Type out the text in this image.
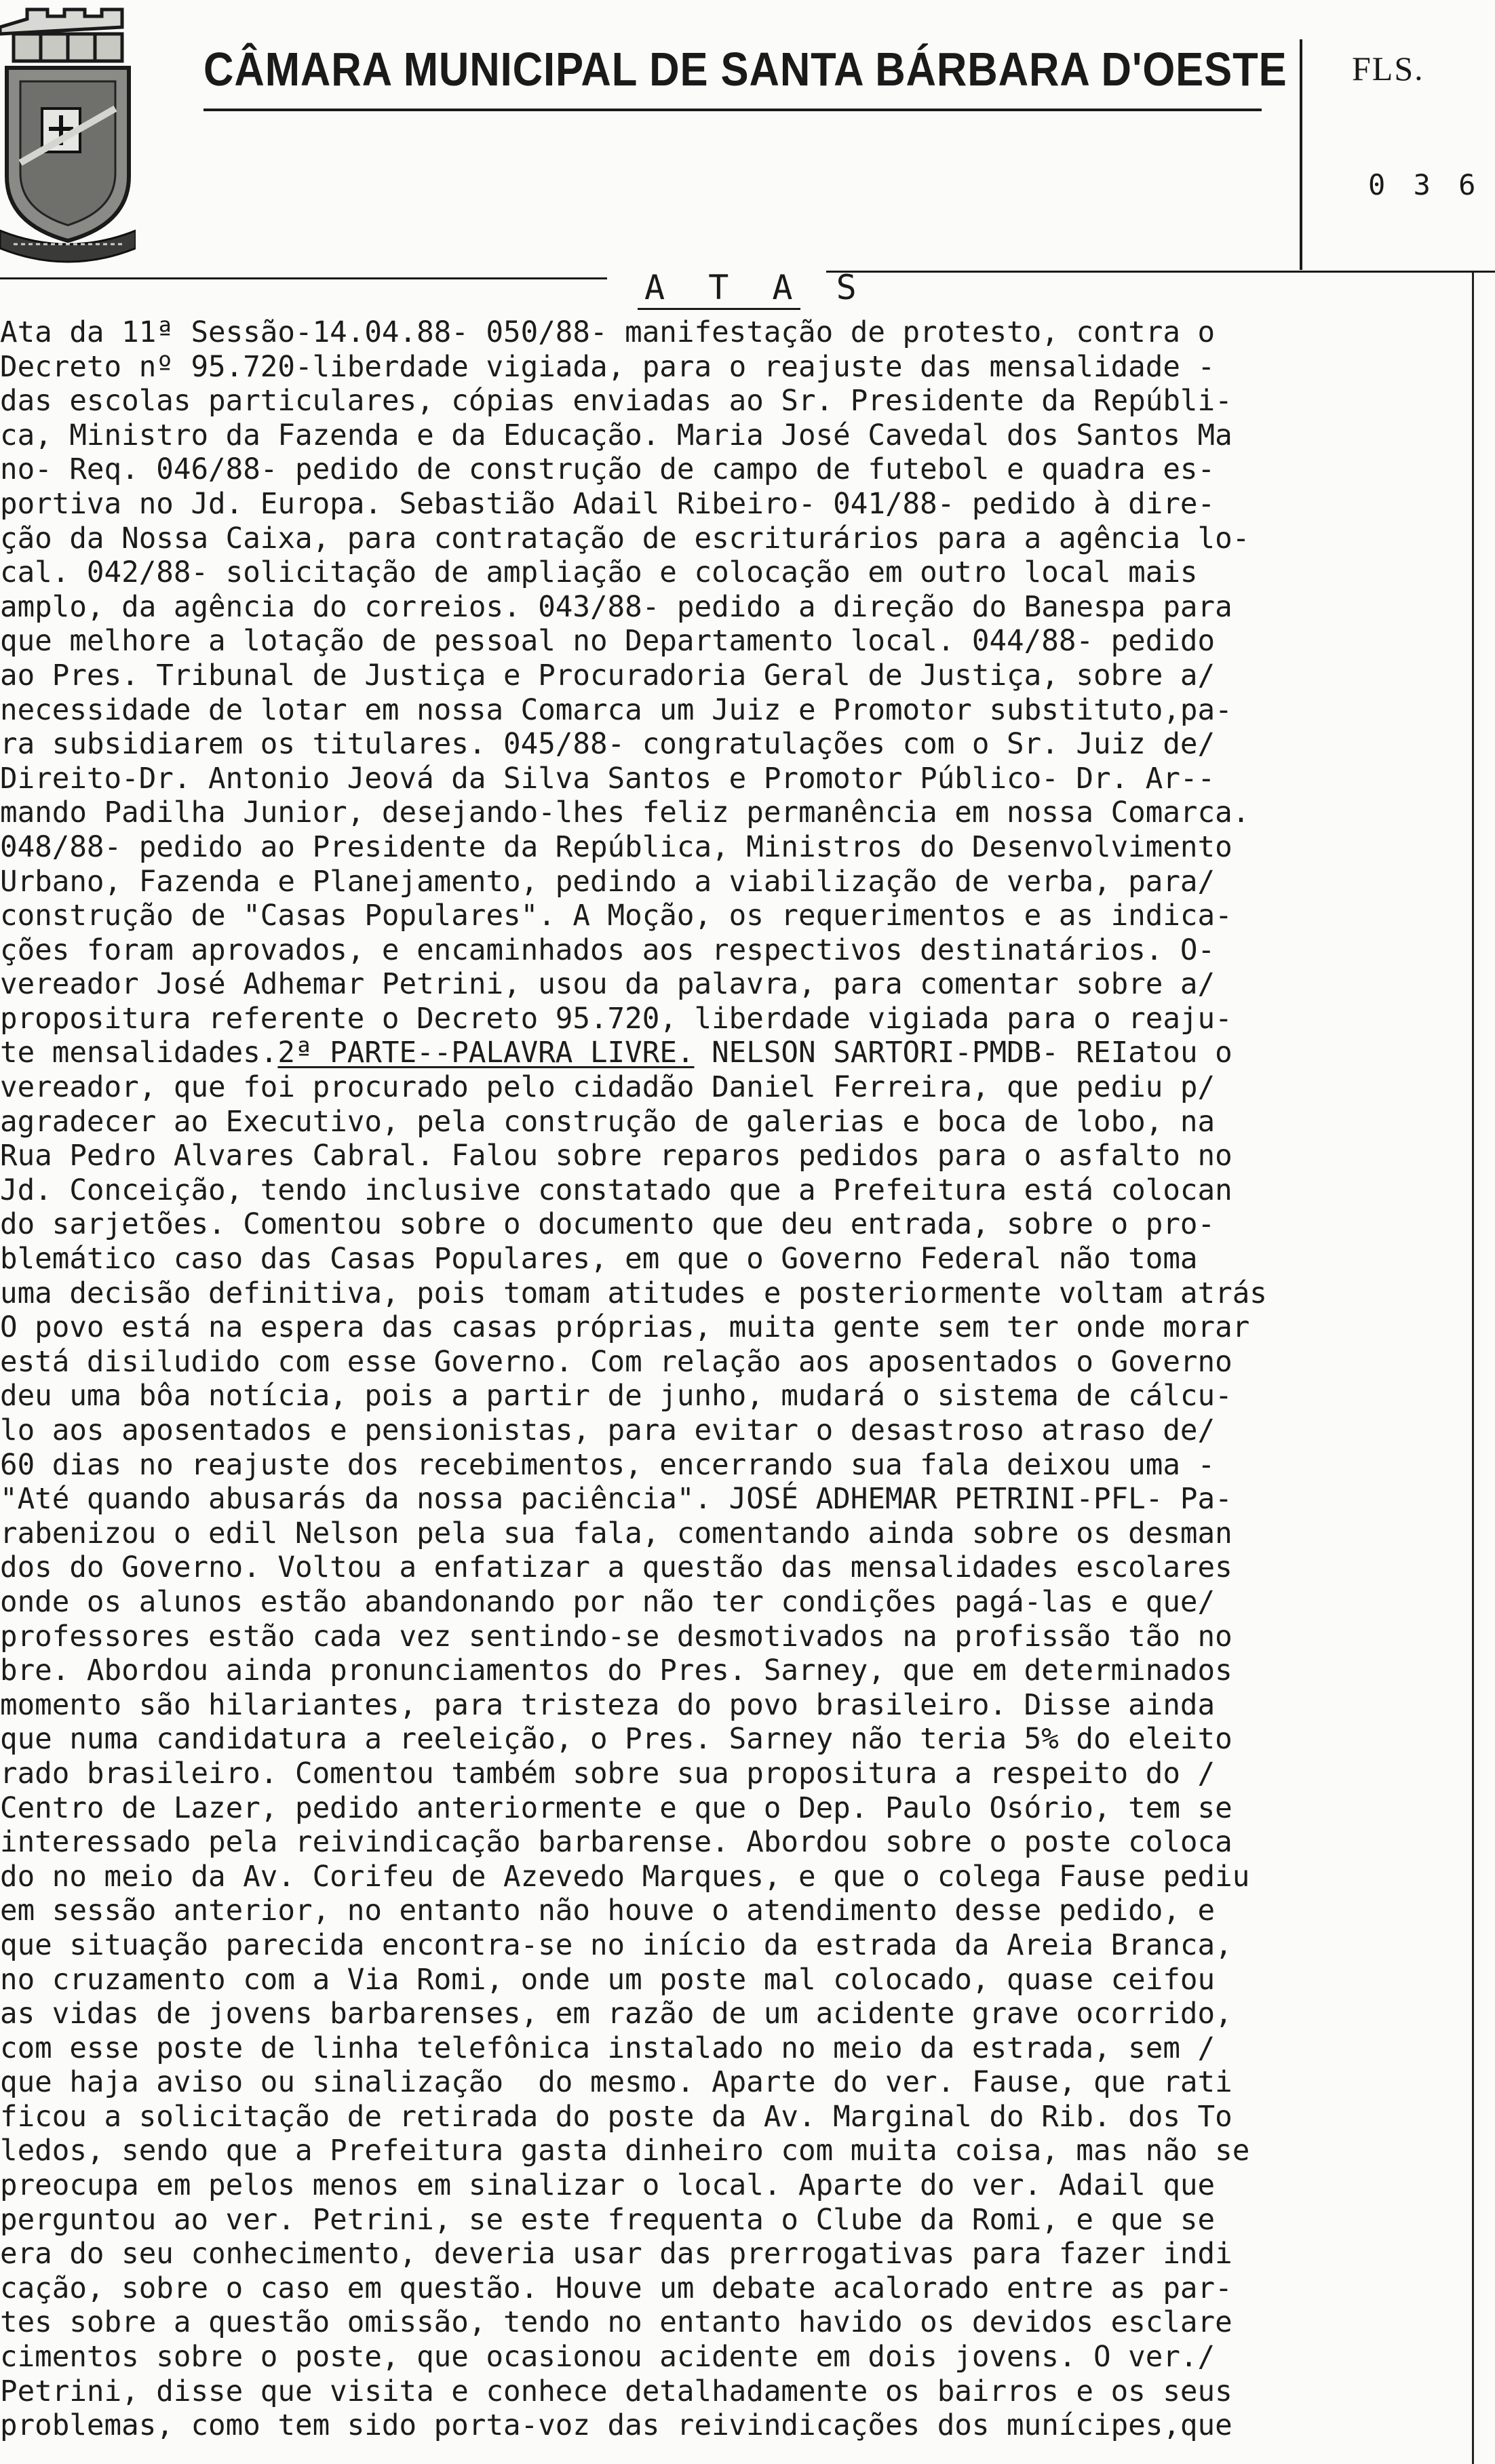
CÂMARA MUNICIPAL DE SANTA BÁRBARA D'OESTE FLS.
0 3 6
A T A S
Ata da 11ª Sessão-14.04.88- 050/88- manifestação de protesto, contra o
Decreto nº 95.720-liberdade vigiada, para o reajuste das mensalidade -
das escolas particulares, cópias enviadas ao Sr. Presidente da Repúbli-
ca, Ministro da Fazenda e da Educação. Maria José Cavedal dos Santos Ma
no- Req. 046/88- pedido de construção de campo de futebol e quadra es-
portiva no Jd. Europa. Sebastião Adail Ribeiro- 041/88- pedido à dire-
ção da Nossa Caixa, para contratação de escriturários para a agência lo-
cal. 042/88- solicitação de ampliação e colocação em outro local mais
amplo, da agência do correios. 043/88- pedido a direção do Banespa para
que melhore a lotação de pessoal no Departamento local. 044/88- pedido
ao Pres. Tribunal de Justiça e Procuradoria Geral de Justiça, sobre a/
necessidade de lotar em nossa Comarca um Juiz e Promotor substituto,pa-
ra subsidiarem os titulares. 045/88- congratulações com o Sr. Juiz de/
Direito-Dr. Antonio Jeová da Silva Santos e Promotor Público- Dr. Ar--
mando Padilha Junior, desejando-lhes feliz permanência em nossa Comarca.
048/88- pedido ao Presidente da República, Ministros do Desenvolvimento
Urbano, Fazenda e Planejamento, pedindo a viabilização de verba, para/
construção de "Casas Populares". A Moção, os requerimentos e as indica-
ções foram aprovados, e encaminhados aos respectivos destinatários. O-
vereador José Adhemar Petrini, usou da palavra, para comentar sobre a/
propositura referente o Decreto 95.720, liberdade vigiada para o reaju-
te mensalidades.2ª PARTE--PALAVRA LIVRE. NELSON SARTORI-PMDB- REIatou o
vereador, que foi procurado pelo cidadão Daniel Ferreira, que pediu p/
agradecer ao Executivo, pela construção de galerias e boca de lobo, na
Rua Pedro Alvares Cabral. Falou sobre reparos pedidos para o asfalto no
Jd. Conceição, tendo inclusive constatado que a Prefeitura está colocan
do sarjetões. Comentou sobre o documento que deu entrada, sobre o pro-
blemático caso das Casas Populares, em que o Governo Federal não toma
uma decisão definitiva, pois tomam atitudes e posteriormente voltam atrás
O povo está na espera das casas próprias, muita gente sem ter onde morar
está disiludido com esse Governo. Com relação aos aposentados o Governo
deu uma bôa notícia, pois a partir de junho, mudará o sistema de cálcu-
lo aos aposentados e pensionistas, para evitar o desastroso atraso de/
60 dias no reajuste dos recebimentos, encerrando sua fala deixou uma -
"Até quando abusarás da nossa paciência". JOSÉ ADHEMAR PETRINI-PFL- Pa-
rabenizou o edil Nelson pela sua fala, comentando ainda sobre os desman
dos do Governo. Voltou a enfatizar a questão das mensalidades escolares
onde os alunos estão abandonando por não ter condições pagá-las e que/
professores estão cada vez sentindo-se desmotivados na profissão tão no
bre. Abordou ainda pronunciamentos do Pres. Sarney, que em determinados
momento são hilariantes, para tristeza do povo brasileiro. Disse ainda
que numa candidatura a reeleição, o Pres. Sarney não teria 5% do eleito
rado brasileiro. Comentou também sobre sua propositura a respeito do /
Centro de Lazer, pedido anteriormente e que o Dep. Paulo Osório, tem se
interessado pela reivindicação barbarense. Abordou sobre o poste coloca
do no meio da Av. Corifeu de Azevedo Marques, e que o colega Fause pediu
em sessão anterior, no entanto não houve o atendimento desse pedido, e
que situação parecida encontra-se no início da estrada da Areia Branca,
no cruzamento com a Via Romi, onde um poste mal colocado, quase ceifou
as vidas de jovens barbarenses, em razão de um acidente grave ocorrido,
com esse poste de linha telefônica instalado no meio da estrada, sem /
que haja aviso ou sinalização  do mesmo. Aparte do ver. Fause, que rati
ficou a solicitação de retirada do poste da Av. Marginal do Rib. dos To
ledos, sendo que a Prefeitura gasta dinheiro com muita coisa, mas não se
preocupa em pelos menos em sinalizar o local. Aparte do ver. Adail que
perguntou ao ver. Petrini, se este frequenta o Clube da Romi, e que se
era do seu conhecimento, deveria usar das prerrogativas para fazer indi
cação, sobre o caso em questão. Houve um debate acalorado entre as par-
tes sobre a questão omissão, tendo no entanto havido os devidos esclare
cimentos sobre o poste, que ocasionou acidente em dois jovens. O ver./
Petrini, disse que visita e conhece detalhadamente os bairros e os seus
problemas, como tem sido porta-voz das reivindicações dos munícipes,que
